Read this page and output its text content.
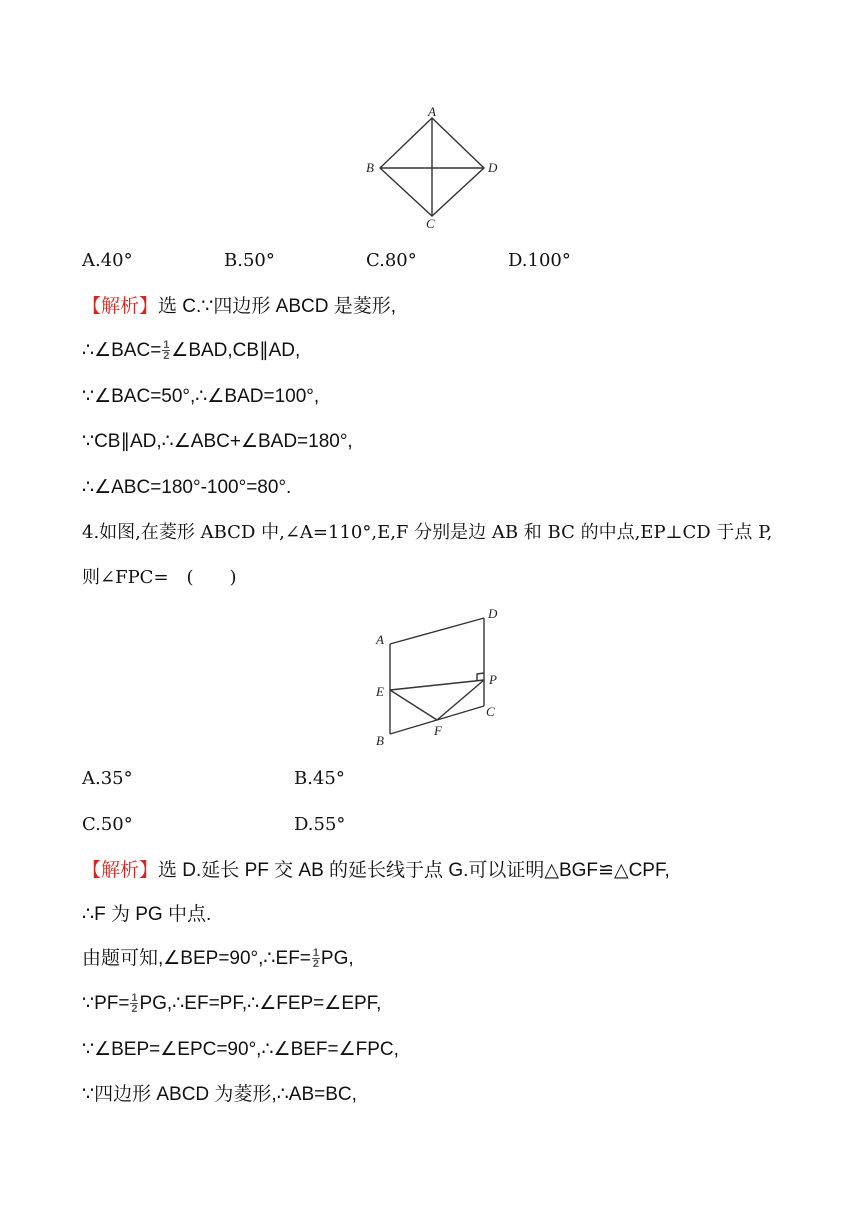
A
B
C
D
A.40°	B.50°	C.80°	D.100°
【解析】选 C.∵四边形 ABCD 是菱形,
∴∠BAC= $\frac{1}{2}$ ∠BAD,CB∥AD,
∵∠BAC=50°,∴∠BAD=100°,
∵CB∥AD,∴∠ABC+∠BAD=180°,
∴∠ABC=180°-100°=80°.
4.如图,在菱形 ABCD 中,∠A=110°,E,F 分别是边 AB 和 BC 的中点,EP⊥CD 于点 P,
则∠FPC=　(　　)
A
D
E
P
C
F
B
A.35°	B.45°
C.50°	D.55°
【解析】选 D.延长 PF 交 AB 的延长线于点 G.可以证明△BGF≌△CPF,
∴F 为 PG 中点.
由题可知,∠BEP=90°,∴EF= $\frac{1}{2}$ PG,
∵PF= $\frac{1}{2}$ PG,∴EF=PF,∴∠FEP=∠EPF,
∵∠BEP=∠EPC=90°,∴∠BEF=∠FPC,
∵四边形 ABCD 为菱形,∴AB=BC,
